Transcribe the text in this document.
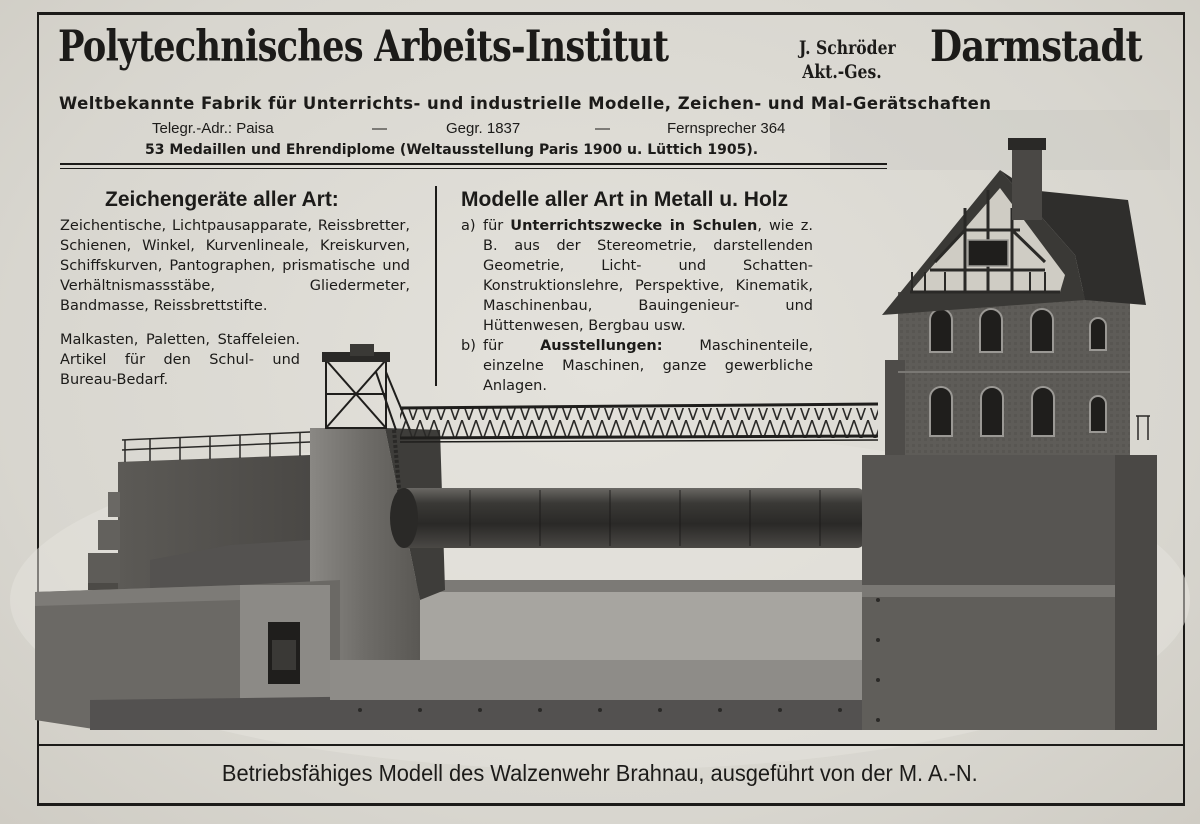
Polytechnisches Arbeits-Institut	J. Schröder
Akt.-Ges.	Darmstadt
Weltbekannte Fabrik für Unterrichts- und industrielle Modelle, Zeichen- und Mal-Gerätschaften
Telegr.-Adr.: Paisa	—	Gegr. 1837	—	Fernsprecher 364
53 Medaillen und Ehrendiplome (Weltausstellung Paris 1900 u. Lüttich 1905).
Zeichengeräte aller Art:

Zeichentische, Lichtpausapparate, Reissbretter, Schienen, Winkel, Kurvenlineale, Kreiskurven, Schiffskurven, Pantographen, prismatische und Verhältnismassstäbe, Gliedermeter, Bandmasse, Reissbrettstifte.

Malkasten, Paletten, Staffeleien. Artikel für den Schul- und Bureau-Bedarf.

Modelle aller Art in Metall u. Holz
a) für Unterrichtszwecke in Schulen, wie z. B. aus der Stereometrie, darstellenden Geometrie, Licht- und Schatten-Konstruktionslehre, Perspektive, Kinematik, Maschinenbau, Bauingenieur- und Hüttenwesen, Bergbau usw.
b) für Ausstellungen: Maschinenteile, einzelne Maschinen, ganze gewerbliche Anlagen.
Betriebsfähiges Modell des Walzenwehr Brahnau, ausgeführt von der M. A.-N.
